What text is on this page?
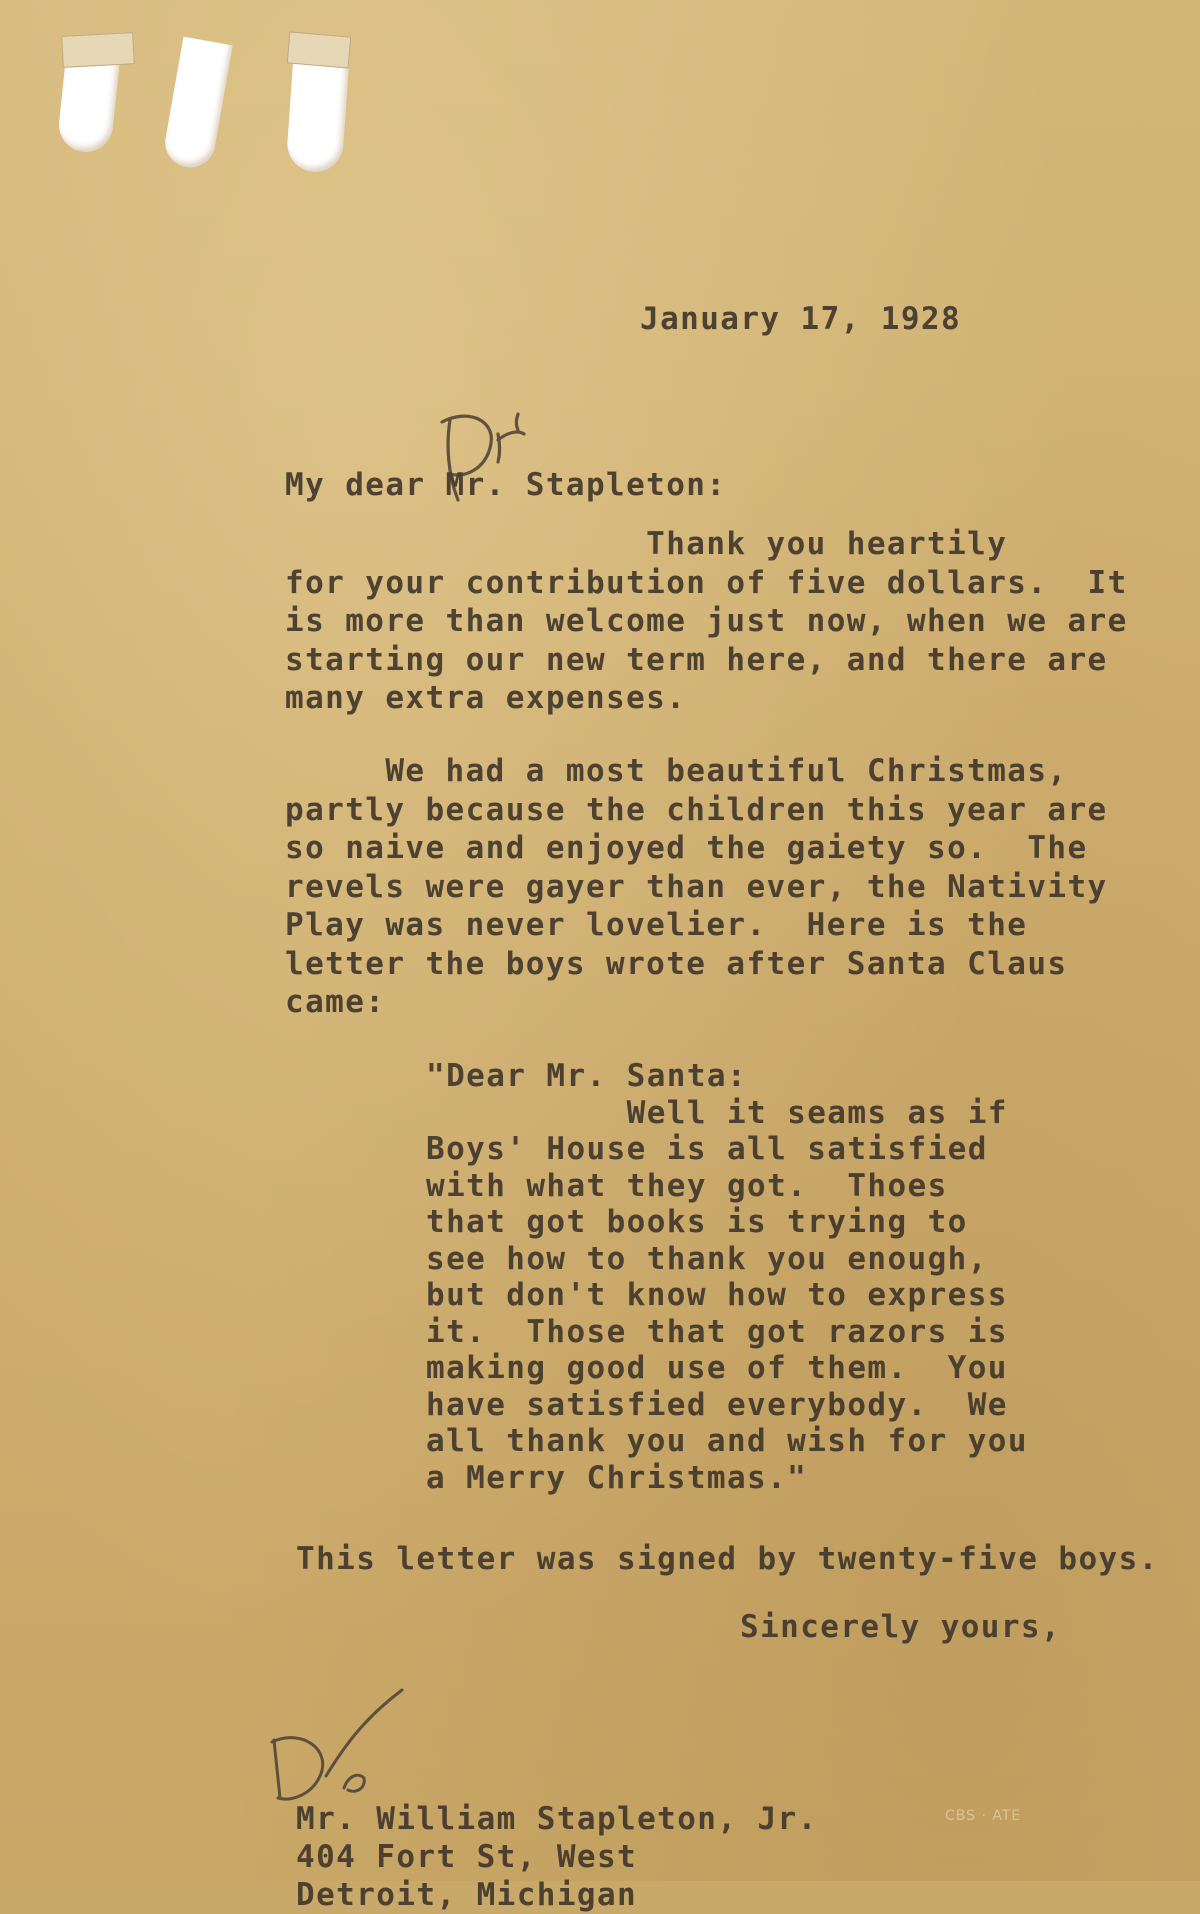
January 17, 1928

My dear Mr. Stapleton:

Thank you heartily
for your contribution of five dollars.  It
is more than welcome just now, when we are
starting our new term here, and there are
many extra expenses.

We had a most beautiful Christmas,
partly because the children this year are
so naive and enjoyed the gaiety so.  The
revels were gayer than ever, the Nativity
Play was never lovelier.  Here is the
letter the boys wrote after Santa Claus
came:

"Dear Mr. Santa:
Well it seams as if
Boys' House is all satisfied
with what they got.  Thoes
that got books is trying to
see how to thank you enough,
but don't know how to express
it.  Those that got razors is
making good use of them.  You
have satisfied everybody.  We
all thank you and wish for you
a Merry Christmas."

This letter was signed by twenty-five boys.

Sincerely yours,

Mr. William Stapleton, Jr.
404 Fort St, West
Detroit, Michigan

CBS · ATE
